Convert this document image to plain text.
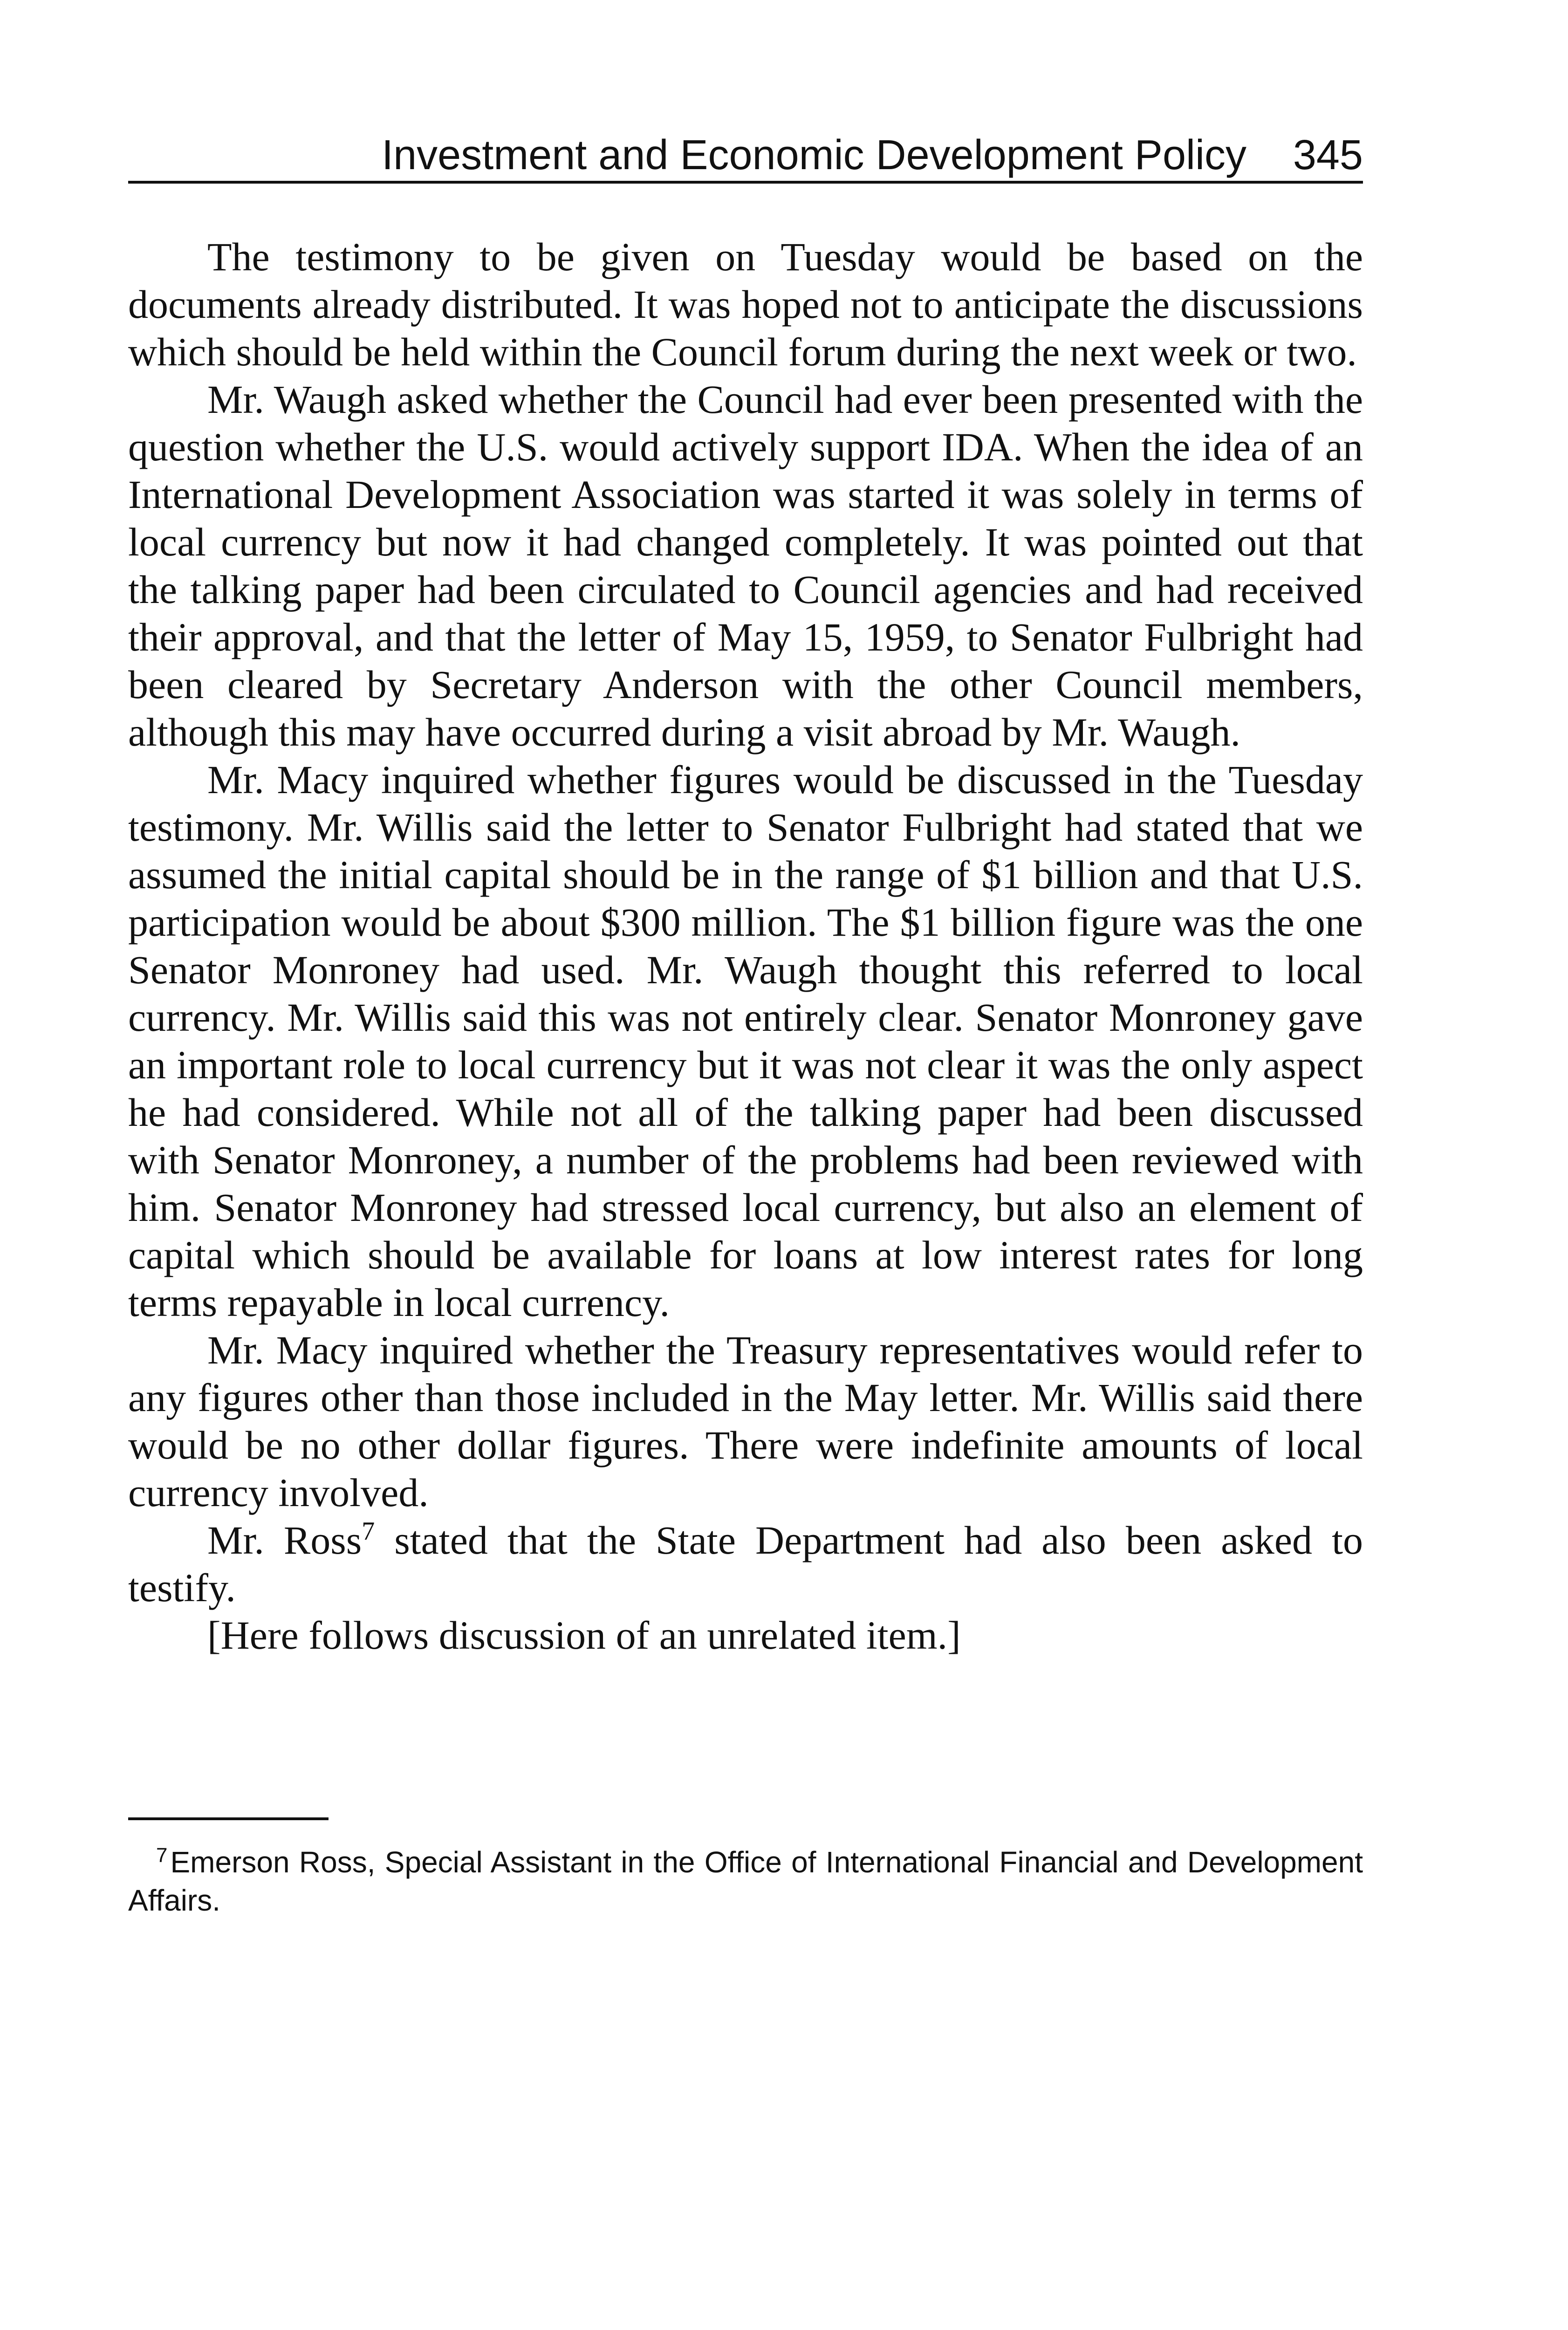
Investment and Economic Development Policy 345

The testimony to be given on Tuesday would be based on the documents already distributed. It was hoped not to anticipate the discussions which should be held within the Council forum during the next week or two.

Mr. Waugh asked whether the Council had ever been presented with the question whether the U.S. would actively support IDA. When the idea of an International Development Association was started it was solely in terms of local currency but now it had changed completely. It was pointed out that the talking paper had been circulated to Council agencies and had received their approval, and that the letter of May 15, 1959, to Senator Fulbright had been cleared by Secretary Anderson with the other Council members, although this may have occurred during a visit abroad by Mr. Waugh.

Mr. Macy inquired whether figures would be discussed in the Tuesday testimony. Mr. Willis said the letter to Senator Fulbright had stated that we assumed the initial capital should be in the range of $1 billion and that U.S. participation would be about $300 million. The $1 billion figure was the one Senator Monroney had used. Mr. Waugh thought this referred to local currency. Mr. Willis said this was not entirely clear. Senator Monroney gave an important role to local currency but it was not clear it was the only aspect he had considered. While not all of the talking paper had been discussed with Senator Monroney, a number of the problems had been reviewed with him. Senator Monroney had stressed local currency, but also an element of capital which should be available for loans at low interest rates for long terms repayable in local currency.

Mr. Macy inquired whether the Treasury representatives would refer to any figures other than those included in the May letter. Mr. Willis said there would be no other dollar figures. There were indefinite amounts of local currency involved.

Mr. Ross$^7$ stated that the State Department had also been asked to testify.

[Here follows discussion of an unrelated item.]

$^7$Emerson Ross, Special Assistant in the Office of International Financial and Development Affairs.
